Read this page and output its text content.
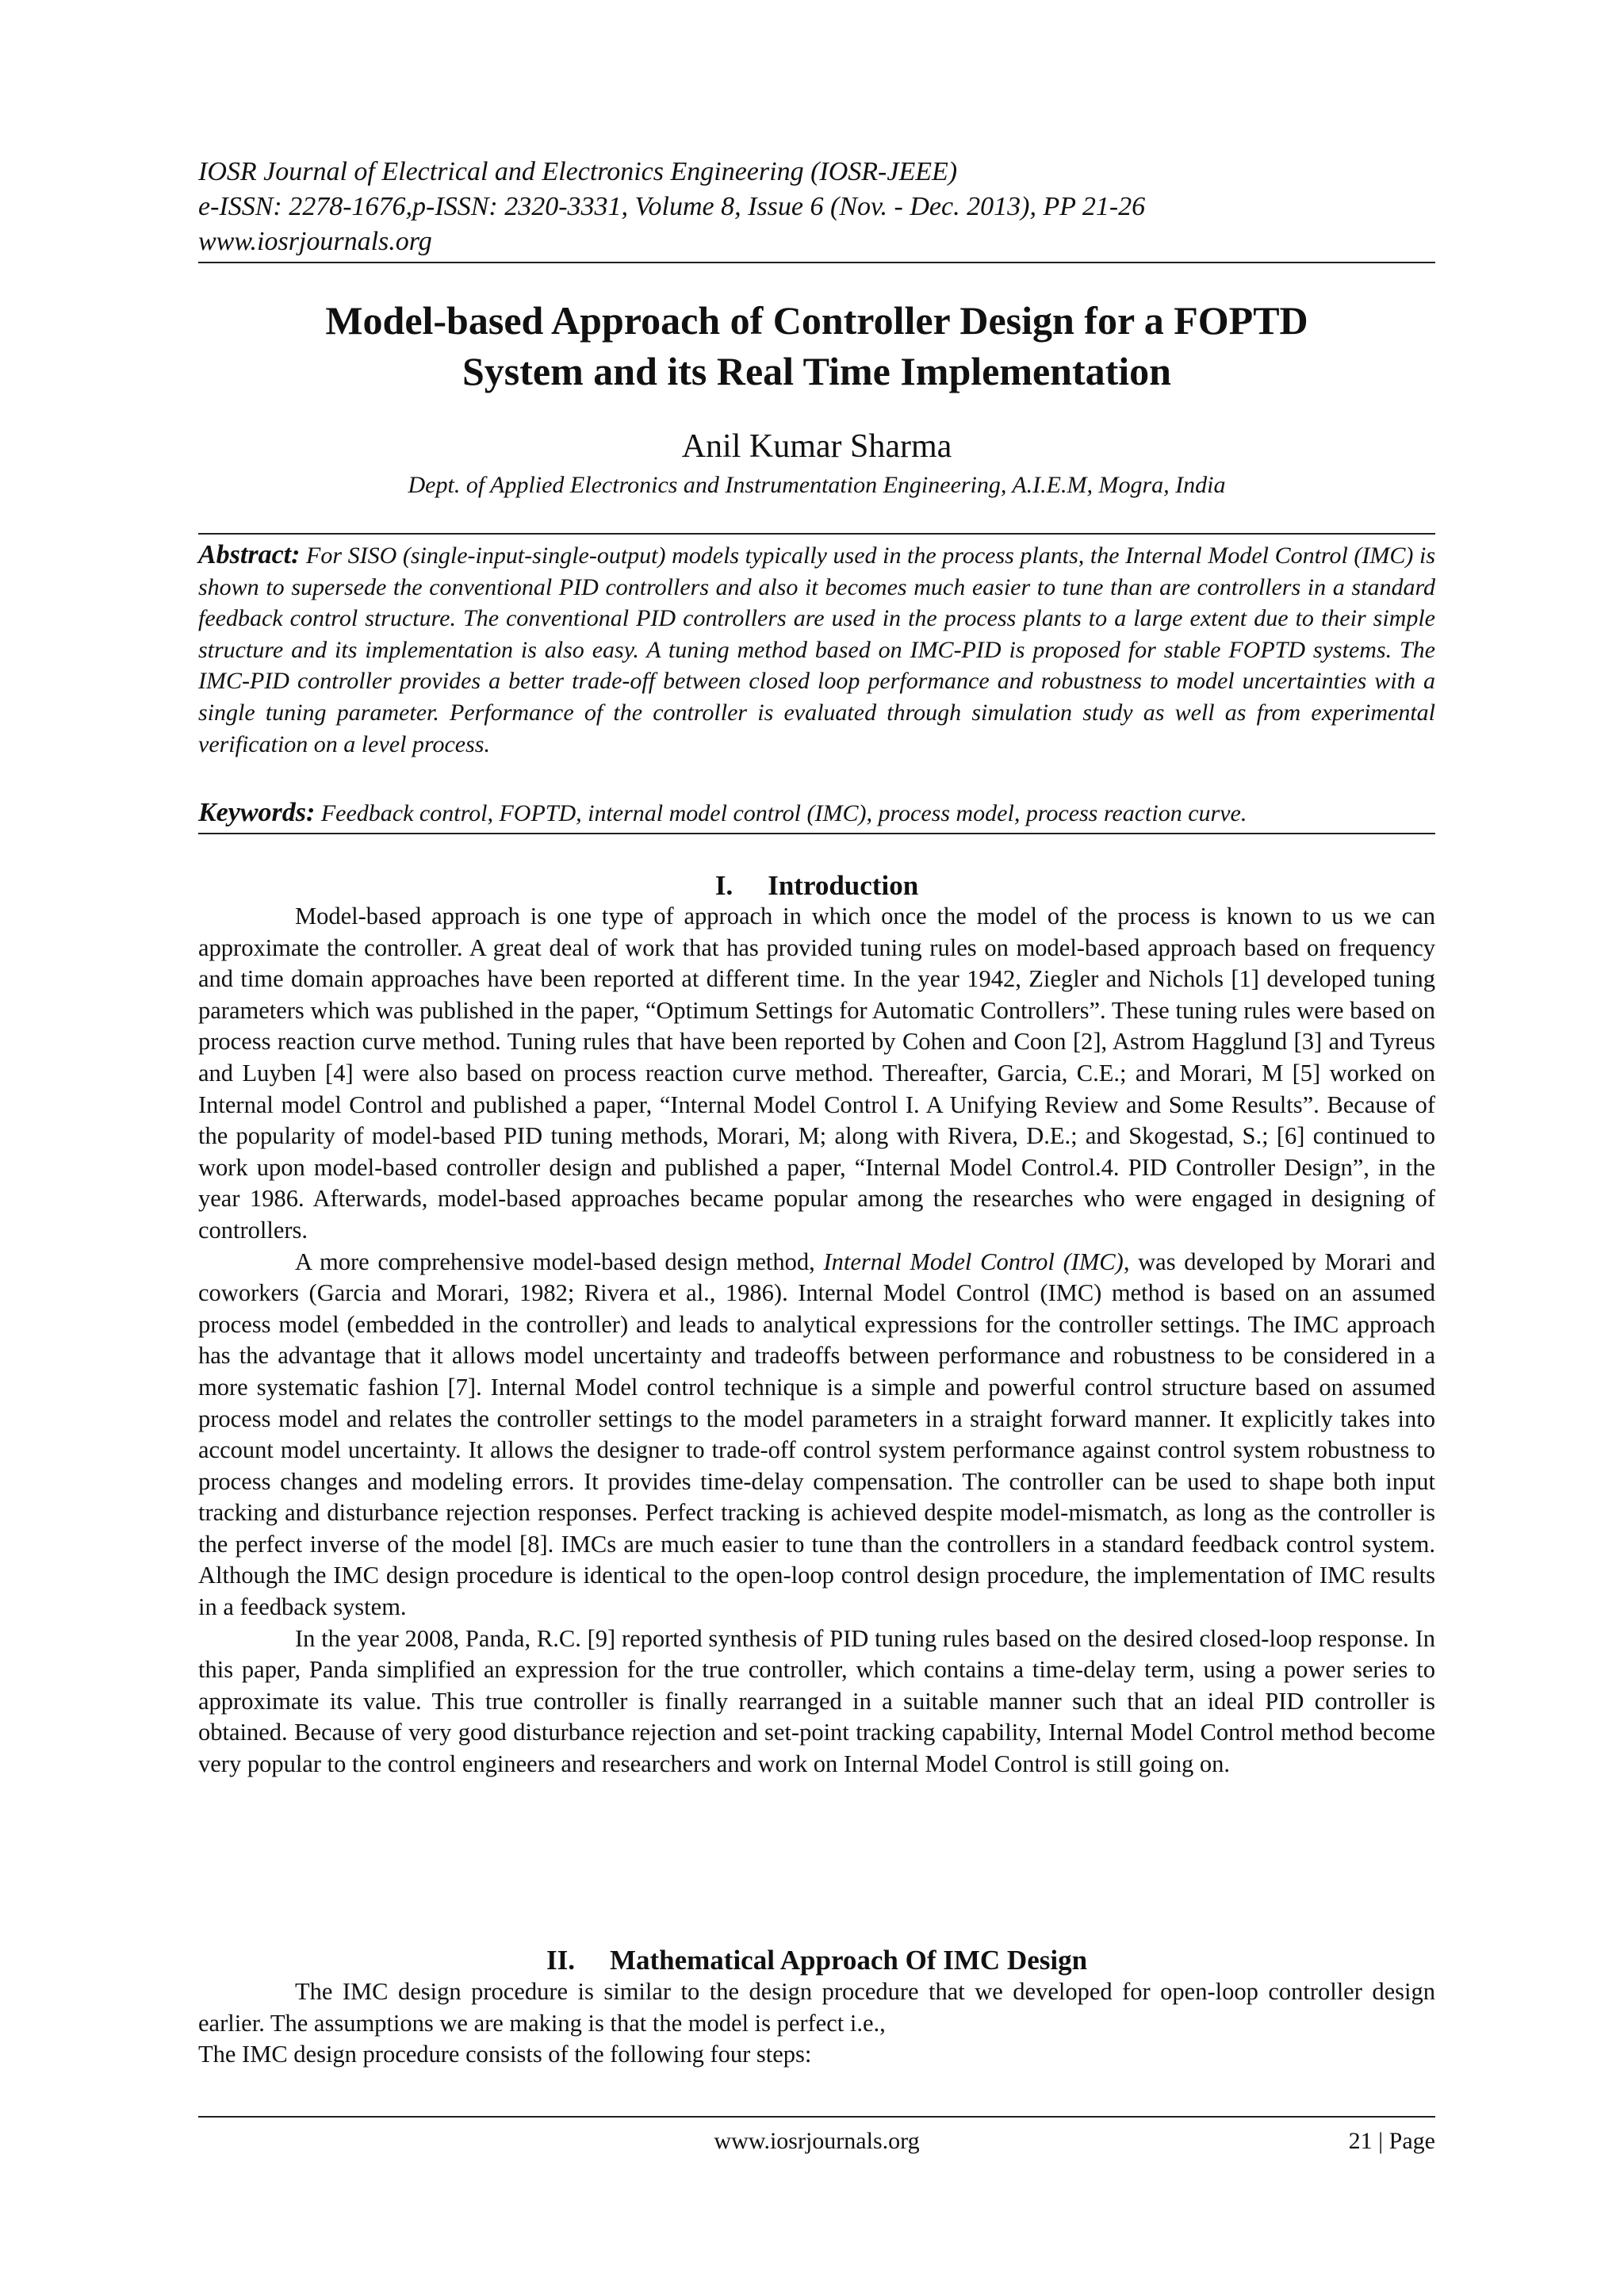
IOSR Journal of Electrical and Electronics Engineering (IOSR-JEEE)
e-ISSN: 2278-1676,p-ISSN: 2320-3331, Volume 8, Issue 6 (Nov. - Dec. 2013), PP 21-26
www.iosrjournals.org
Model-based Approach of Controller Design for a FOPTD
System and its Real Time Implementation
Anil Kumar Sharma
Dept. of Applied Electronics and Instrumentation Engineering, A.I.E.M, Mogra, India
Abstract: For SISO (single-input-single-output) models typically used in the process plants, the Internal Model Control (IMC) is shown to supersede the conventional PID controllers and also it becomes much easier to tune than are controllers in a standard feedback control structure. The conventional PID controllers are used in the process plants to a large extent due to their simple structure and its implementation is also easy. A tuning method based on IMC-PID is proposed for stable FOPTD systems. The IMC-PID controller provides a better trade-off between closed loop performance and robustness to model uncertainties with a single tuning parameter. Performance of the controller is evaluated through simulation study as well as from experimental verification on a level process.
Keywords: Feedback control, FOPTD, internal model control (IMC), process model, process reaction curve.
I. Introduction

Model-based approach is one type of approach in which once the model of the process is known to us we can approximate the controller. A great deal of work that has provided tuning rules on model-based approach based on frequency and time domain approaches have been reported at different time. In the year 1942, Ziegler and Nichols [1] developed tuning parameters which was published in the paper, “Optimum Settings for Automatic Controllers”. These tuning rules were based on process reaction curve method. Tuning rules that have been reported by Cohen and Coon [2], Astrom Hagglund [3] and Tyreus and Luyben [4] were also based on process reaction curve method. Thereafter, Garcia, C.E.; and Morari, M [5] worked on Internal model Control and published a paper, “Internal Model Control I. A Unifying Review and Some Results”. Because of the popularity of model-based PID tuning methods, Morari, M; along with Rivera, D.E.; and Skogestad, S.; [6] continued to work upon model-based controller design and published a paper, “Internal Model Control.4. PID Controller Design”, in the year 1986. Afterwards, model-based approaches became popular among the researches who were engaged in designing of controllers.

A more comprehensive model-based design method, Internal Model Control (IMC), was developed by Morari and coworkers (Garcia and Morari, 1982; Rivera et al., 1986). Internal Model Control (IMC) method is based on an assumed process model (embedded in the controller) and leads to analytical expressions for the controller settings. The IMC approach has the advantage that it allows model uncertainty and tradeoffs between performance and robustness to be considered in a more systematic fashion [7]. Internal Model control technique is a simple and powerful control structure based on assumed process model and relates the controller settings to the model parameters in a straight forward manner. It explicitly takes into account model uncertainty. It allows the designer to trade-off control system performance against control system robustness to process changes and modeling errors. It provides time-delay compensation. The controller can be used to shape both input tracking and disturbance rejection responses. Perfect tracking is achieved despite model-mismatch, as long as the controller is the perfect inverse of the model [8]. IMCs are much easier to tune than the controllers in a standard feedback control system. Although the IMC design procedure is identical to the open-loop control design procedure, the implementation of IMC results in a feedback system.

In the year 2008, Panda, R.C. [9] reported synthesis of PID tuning rules based on the desired closed-loop response. In this paper, Panda simplified an expression for the true controller, which contains a time-delay term, using a power series to approximate its value. This true controller is finally rearranged in a suitable manner such that an ideal PID controller is obtained. Because of very good disturbance rejection and set-point tracking capability, Internal Model Control method become very popular to the control engineers and researchers and work on Internal Model Control is still going on.

II. Mathematical Approach Of IMC Design

The IMC design procedure is similar to the design procedure that we developed for open-loop controller design earlier. The assumptions we are making is that the model is perfect i.e.,

The IMC design procedure consists of the following four steps:

www.iosrjournals.org	21 | Page
